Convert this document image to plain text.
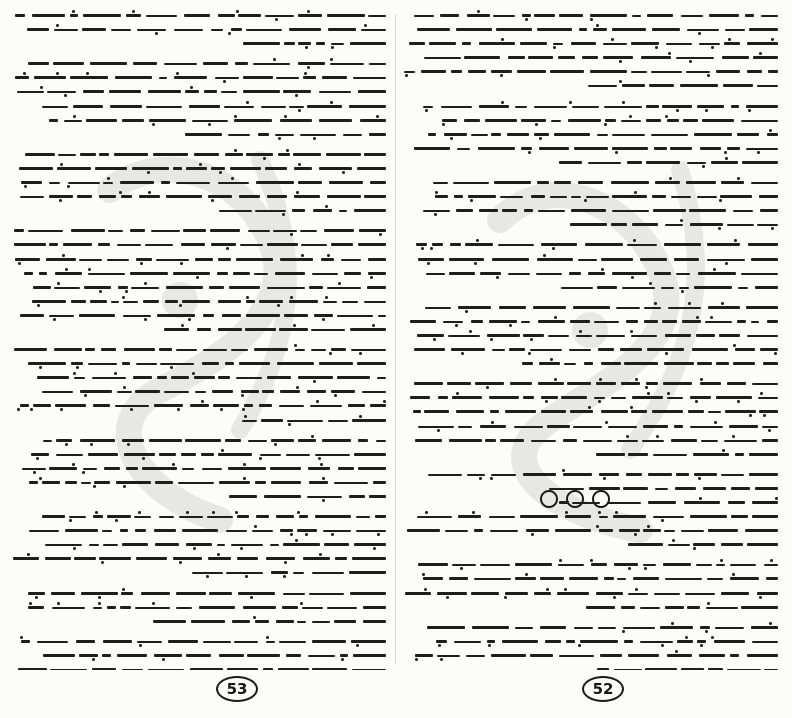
53	52
